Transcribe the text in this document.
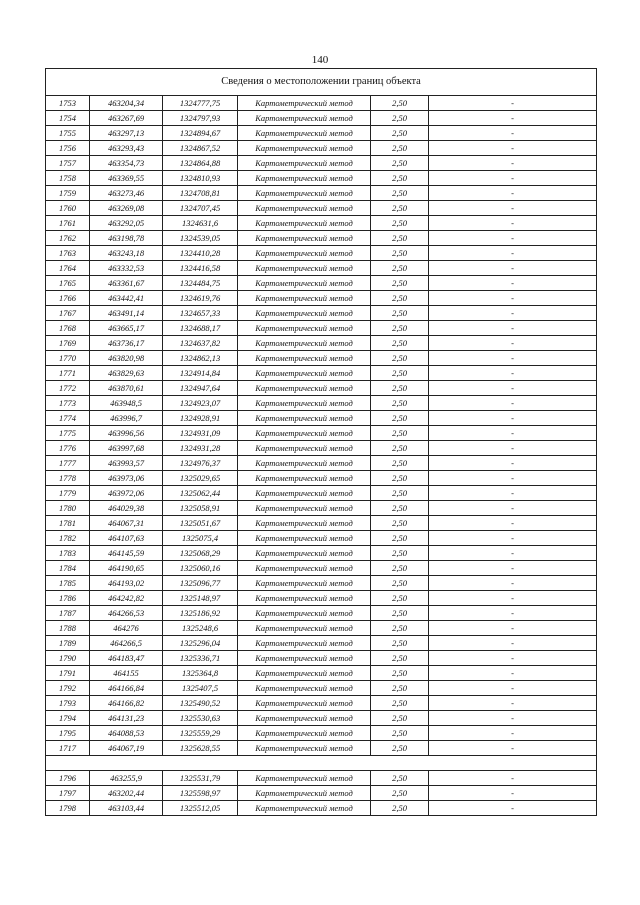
140
Сведения о местоположении границ объекта					
1753	463204,34	1324777,75	Картометрический метод	2,50	-
1754	463267,69	1324797,93	Картометрический метод	2,50	-
1755	463297,13	1324894,67	Картометрический метод	2,50	-
1756	463293,43	1324867,52	Картометрический метод	2,50	-
1757	463354,73	1324864,88	Картометрический метод	2,50	-
1758	463369,55	1324810,93	Картометрический метод	2,50	-
1759	463273,46	1324708,81	Картометрический метод	2,50	-
1760	463269,08	1324707,45	Картометрический метод	2,50	-
1761	463292,05	1324631,6	Картометрический метод	2,50	-
1762	463198,78	1324539,05	Картометрический метод	2,50	-
1763	463243,18	1324410,28	Картометрический метод	2,50	-
1764	463332,53	1324416,58	Картометрический метод	2,50	-
1765	463361,67	1324484,75	Картометрический метод	2,50	-
1766	463442,41	1324619,76	Картометрический метод	2,50	-
1767	463491,14	1324657,33	Картометрический метод	2,50	-
1768	463665,17	1324688,17	Картометрический метод	2,50	-
1769	463736,17	1324637,82	Картометрический метод	2,50	-
1770	463820,98	1324862,13	Картометрический метод	2,50	-
1771	463829,63	1324914,84	Картометрический метод	2,50	-
1772	463870,61	1324947,64	Картометрический метод	2,50	-
1773	463948,5	1324923,07	Картометрический метод	2,50	-
1774	463996,7	1324928,91	Картометрический метод	2,50	-
1775	463996,56	1324931,09	Картометрический метод	2,50	-
1776	463997,68	1324931,28	Картометрический метод	2,50	-
1777	463993,57	1324976,37	Картометрический метод	2,50	-
1778	463973,06	1325029,65	Картометрический метод	2,50	-
1779	463972,06	1325062,44	Картометрический метод	2,50	-
1780	464029,38	1325058,91	Картометрический метод	2,50	-
1781	464067,31	1325051,67	Картометрический метод	2,50	-
1782	464107,63	1325075,4	Картометрический метод	2,50	-
1783	464145,59	1325068,29	Картометрический метод	2,50	-
1784	464190,65	1325060,16	Картометрический метод	2,50	-
1785	464193,02	1325096,77	Картометрический метод	2,50	-
1786	464242,82	1325148,97	Картометрический метод	2,50	-
1787	464266,53	1325186,92	Картометрический метод	2,50	-
1788	464276	1325248,6	Картометрический метод	2,50	-
1789	464266,5	1325296,04	Картометрический метод	2,50	-
1790	464183,47	1325336,71	Картометрический метод	2,50	-
1791	464155	1325364,8	Картометрический метод	2,50	-
1792	464166,84	1325407,5	Картометрический метод	2,50	-
1793	464166,82	1325490,52	Картометрический метод	2,50	-
1794	464131,23	1325530,63	Картометрический метод	2,50	-
1795	464088,53	1325559,29	Картометрический метод	2,50	-
1717	464067,19	1325628,55	Картометрический метод	2,50	-

1796	463255,9	1325531,79	Картометрический метод	2,50	-
1797	463202,44	1325598,97	Картометрический метод	2,50	-
1798	463103,44	1325512,05	Картометрический метод	2,50	-
